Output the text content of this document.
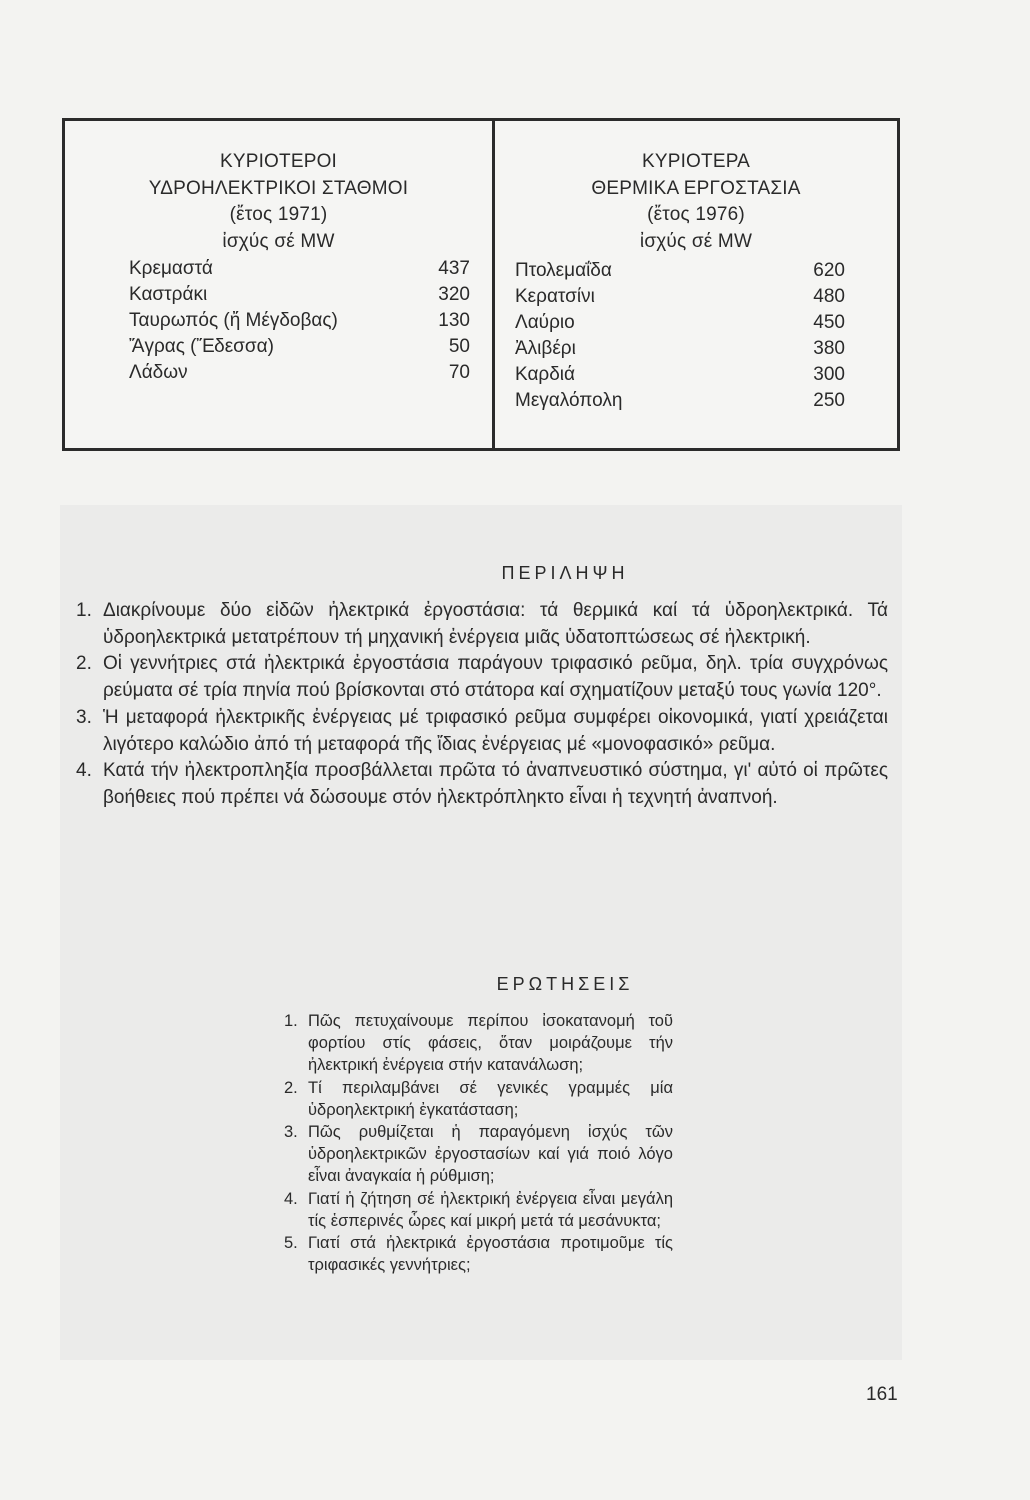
ΚΥΡΙΟΤΕΡΟΙ
ΥΔΡΟΗΛΕΚΤΡΙΚΟΙ ΣΤΑΘΜΟΙ
(ἔτος 1971)
ἰσχύς σέ MW
Κρεμαστά	437
Καστράκι	320
Ταυρωπός (ἤ Μέγδοβας)	130
Ἄγρας (Ἔδεσσα)	50
Λάδων	70
ΚΥΡΙΟΤΕΡΑ
ΘΕΡΜΙΚΑ ΕΡΓΟΣΤΑΣΙΑ
(ἔτος 1976)
ἰσχύς σέ MW
Πτολεμαΐδα	620
Κερατσίνι	480
Λαύριο	450
Ἀλιβέρι	380
Καρδιά	300
Μεγαλόπολη	250
ΠΕΡΙΛΗΨΗ

1. Διακρίνουμε δύο εἰδῶν ἠλεκτρικά ἐργοστάσια: τά θερμικά καί τά ὑδροηλεκτρικά. Τά ὑδροηλεκτρικά μετατρέπουν τή μηχανική ἐνέργεια μιᾶς ὑδατοπτώσεως σέ ἠλεκτρική.

2. Οἱ γεννήτριες στά ἠλεκτρικά ἐργοστάσια παράγουν τριφασικό ρεῦμα, δηλ. τρία συγχρόνως ρεύματα σέ τρία πηνία πού βρίσκονται στό στάτορα καί σχηματίζουν μεταξύ τους γωνία 120°.

3. Ἡ μεταφορά ἠλεκτρικῆς ἐνέργειας μέ τριφασικό ρεῦμα συμφέρει οἰκονομικά, γιατί χρειάζεται λιγότερο καλώδιο ἀπό τή μεταφορά τῆς ἴδιας ἐνέργειας μέ «μονοφασικό» ρεῦμα.

4. Κατά τήν ἠλεκτροπληξία προσβάλλεται πρῶτα τό ἀναπνευστικό σύστημα, γι' αὐτό οἱ πρῶτες βοήθειες πού πρέπει νά δώσουμε στόν ἠλεκτρόπληκτο εἶναι ἡ τεχνητή ἀναπνοή.

ΕΡΩΤΗΣΕΙΣ

1. Πῶς πετυχαίνουμε περίπου ἰσοκατανομή τοῦ φορτίου στίς φάσεις, ὅταν μοιράζουμε τήν ἠλεκτρική ἐνέργεια στήν κατανάλωση;

2. Τί περιλαμβάνει σέ γενικές γραμμές μία ὑδροηλεκτρική ἐγκατάσταση;

3. Πῶς ρυθμίζεται ἡ παραγόμενη ἰσχύς τῶν ὑδροηλεκτρικῶν ἐργοστασίων καί γιά ποιό λόγο εἶναι ἀναγκαία ἡ ρύθμιση;

4. Γιατί ἡ ζήτηση σέ ἠλεκτρική ἐνέργεια εἶναι μεγάλη τίς ἑσπερινές ὧρες καί μικρή μετά τά μεσάνυκτα;

5. Γιατί στά ἠλεκτρικά ἐργοστάσια προτιμοῦμε τίς τριφασικές γεννήτριες;

161
